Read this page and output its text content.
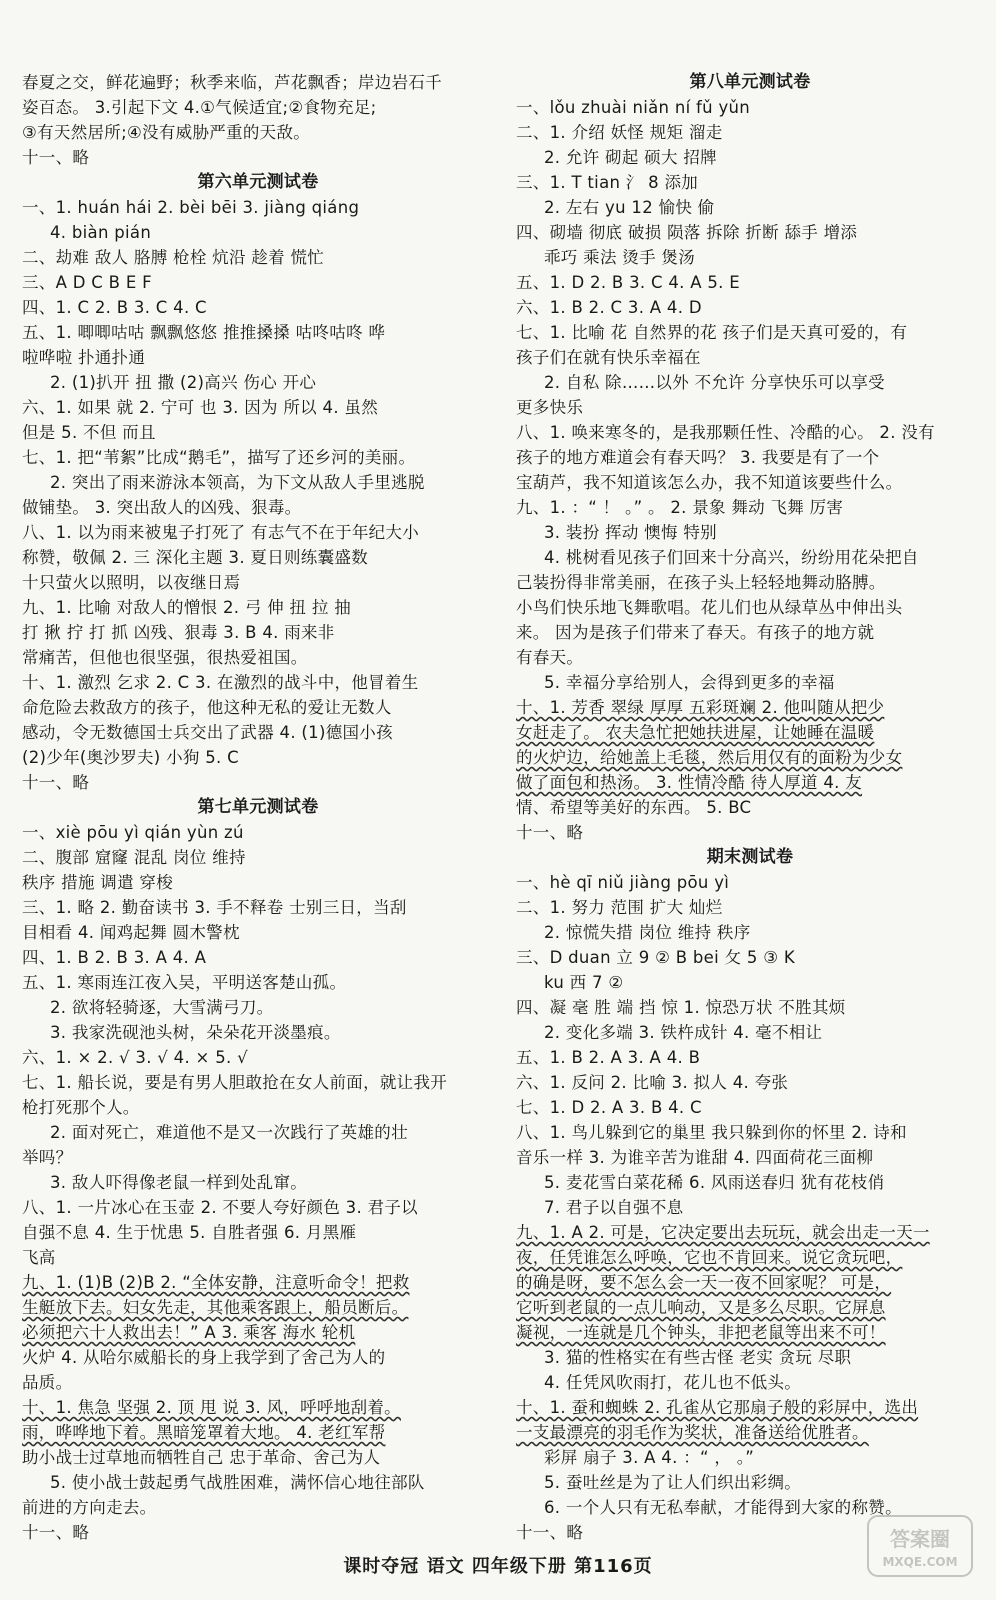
春夏之交，鲜花遍野；秋季来临，芦花飘香；岸边岩石千
姿百态。 3.引起下文 4.①气候适宜;②食物充足;
③有天然居所;④没有威胁严重的天敌。
十一、略
第六单元测试卷
一、1. huán hái 2. bèi bēi 3. jiàng qiáng
4. biàn pián
二、劫难 敌人 胳膊 枪栓 炕沿 趁着 慌忙
三、A D C B E F
四、1. C 2. B 3. C 4. C
五、1. 唧唧咕咕 飘飘悠悠 推推搡搡 咕咚咕咚 哗
啦哗啦 扑通扑通
2. (1)扒开 扭 撒 (2)高兴 伤心 开心
六、1. 如果 就 2. 宁可 也 3. 因为 所以 4. 虽然
但是 5. 不但 而且
七、1. 把“苇絮”比成“鹅毛”，描写了还乡河的美丽。
2. 突出了雨来游泳本领高，为下文从敌人手里逃脱
做铺垫。 3. 突出敌人的凶残、狠毒。
八、1. 以为雨来被鬼子打死了 有志气不在于年纪大小
称赞，敬佩 2. 三 深化主题 3. 夏日则练囊盛数
十只萤火以照明，以夜继日焉
九、1. 比喻 对敌人的憎恨 2. 弓 伸 扭 拉 抽
打 揪 拧 打 抓 凶残、狠毒 3. B 4. 雨来非
常痛苦，但他也很坚强，很热爱祖国。
十、1. 激烈 乞求 2. C 3. 在激烈的战斗中，他冒着生
命危险去救敌方的孩子，他这种无私的爱让无数人
感动，令无数德国士兵交出了武器 4. (1)德国小孩
(2)少年(奥沙罗夫) 小狗 5. C
十一、略
第七单元测试卷
一、xiè pōu yì qián yùn zú
二、腹部 窟窿 混乱 岗位 维持
秩序 措施 调遣 穿梭
三、1. 略 2. 勤奋读书 3. 手不释卷 士别三日，当刮
目相看 4. 闻鸡起舞 圆木警枕
四、1. B 2. B 3. A 4. A
五、1. 寒雨连江夜入吴，平明送客楚山孤。
2. 欲将轻骑逐，大雪满弓刀。
3. 我家洗砚池头树，朵朵花开淡墨痕。
六、1. × 2. √ 3. √ 4. × 5. √
七、1. 船长说，要是有男人胆敢抢在女人前面，就让我开
枪打死那个人。
2. 面对死亡，难道他不是又一次践行了英雄的壮
举吗？
3. 敌人吓得像老鼠一样到处乱窜。
八、1. 一片冰心在玉壶 2. 不要人夸好颜色 3. 君子以
自强不息 4. 生于忧患 5. 自胜者强 6. 月黑雁
飞高
九、1. (1)B (2)B 2. “全体安静，注意听命令！把救
生艇放下去。妇女先走，其他乘客跟上，船员断后。
必须把六十人救出去！” A 3. 乘客 海水 轮机
火炉 4. 从哈尔威船长的身上我学到了舍己为人的
品质。
十、1. 焦急 坚强 2. 顶 甩 说 3. 风，呼呼地刮着。
雨，哗哗地下着。黑暗笼罩着大地。 4. 老红军帮
助小战士过草地而牺牲自己 忠于革命、舍己为人
5. 使小战士鼓起勇气战胜困难，满怀信心地往部队
前进的方向走去。
十一、略
第八单元测试卷
一、lǒu zhuài niǎn ní fǔ yǔn
二、1. 介绍 妖怪 规矩 溜走
2. 允许 砌起 硕大 招牌
三、1. T tian 氵 8 添加
2. 左右 yu 12 愉快 偷
四、砌墙 彻底 破损 陨落 拆除 折断 舔手 增添
乖巧 乘法 烫手 煲汤
五、1. D 2. B 3. C 4. A 5. E
六、1. B 2. C 3. A 4. D
七、1. 比喻 花 自然界的花 孩子们是天真可爱的，有
孩子们在就有快乐幸福在
2. 自私 除……以外 不允许 分享快乐可以享受
更多快乐
八、1. 唤来寒冬的，是我那颗任性、冷酷的心。 2. 没有
孩子的地方难道会有春天吗？ 3. 我要是有了一个
宝葫芦，我不知道该怎么办，我不知道该要些什么。
九、1. ：“ ！ 。” 。 2. 景象 舞动 飞舞 厉害
3. 装扮 挥动 懊悔 特别
4. 桃树看见孩子们回来十分高兴，纷纷用花朵把自
己装扮得非常美丽，在孩子头上轻轻地舞动胳膊。
小鸟们快乐地飞舞歌唱。花儿们也从绿草丛中伸出头
来。 因为是孩子们带来了春天。有孩子的地方就
有春天。
5. 幸福分享给别人，会得到更多的幸福
十、1. 芳香 翠绿 厚厚 五彩斑斓 2. 他叫随从把少
女赶走了。 农夫急忙把她扶进屋，让她睡在温暖
的火炉边，给她盖上毛毯，然后用仅有的面粉为少女
做了面包和热汤。 3. 性情冷酷 待人厚道 4. 友
情、希望等美好的东西。 5. BC
十一、略
期末测试卷
一、hè qī niǔ jiàng pōu yì
二、1. 努力 范围 扩大 灿烂
2. 惊慌失措 岗位 维持 秩序
三、D duan 立 9 ② B bei 攵 5 ③ K
ku 西 7 ②
四、凝 毫 胜 端 挡 惊 1. 惊恐万状 不胜其烦
2. 变化多端 3. 铁杵成针 4. 毫不相让
五、1. B 2. A 3. A 4. B
六、1. 反问 2. 比喻 3. 拟人 4. 夸张
七、1. D 2. A 3. B 4. C
八、1. 鸟儿躲到它的巢里 我只躲到你的怀里 2. 诗和
音乐一样 3. 为谁辛苦为谁甜 4. 四面荷花三面柳
5. 麦花雪白菜花稀 6. 风雨送春归 犹有花枝俏
7. 君子以自强不息
九、1. A 2. 可是，它决定要出去玩玩，就会出走一天一
夜，任凭谁怎么呼唤，它也不肯回来。说它贪玩吧，
的确是呀，要不怎么会一天一夜不回家呢？ 可是，
它听到老鼠的一点儿响动，又是多么尽职。它屏息
凝视，一连就是几个钟头，非把老鼠等出来不可！
3. 猫的性格实在有些古怪 老实 贪玩 尽职
4. 任凭风吹雨打，花儿也不低头。
十、1. 蚕和蜘蛛 2. 孔雀从它那扇子般的彩屏中，选出
一支最漂亮的羽毛作为奖状，准备送给优胜者。
彩屏 扇子 3. A 4. ：“ ， 。”
5. 蚕吐丝是为了让人们织出彩绸。
6. 一个人只有无私奉献，才能得到大家的称赞。
十一、略
课时夺冠 语文 四年级下册 第116页
答案圈
MXQE.COM
